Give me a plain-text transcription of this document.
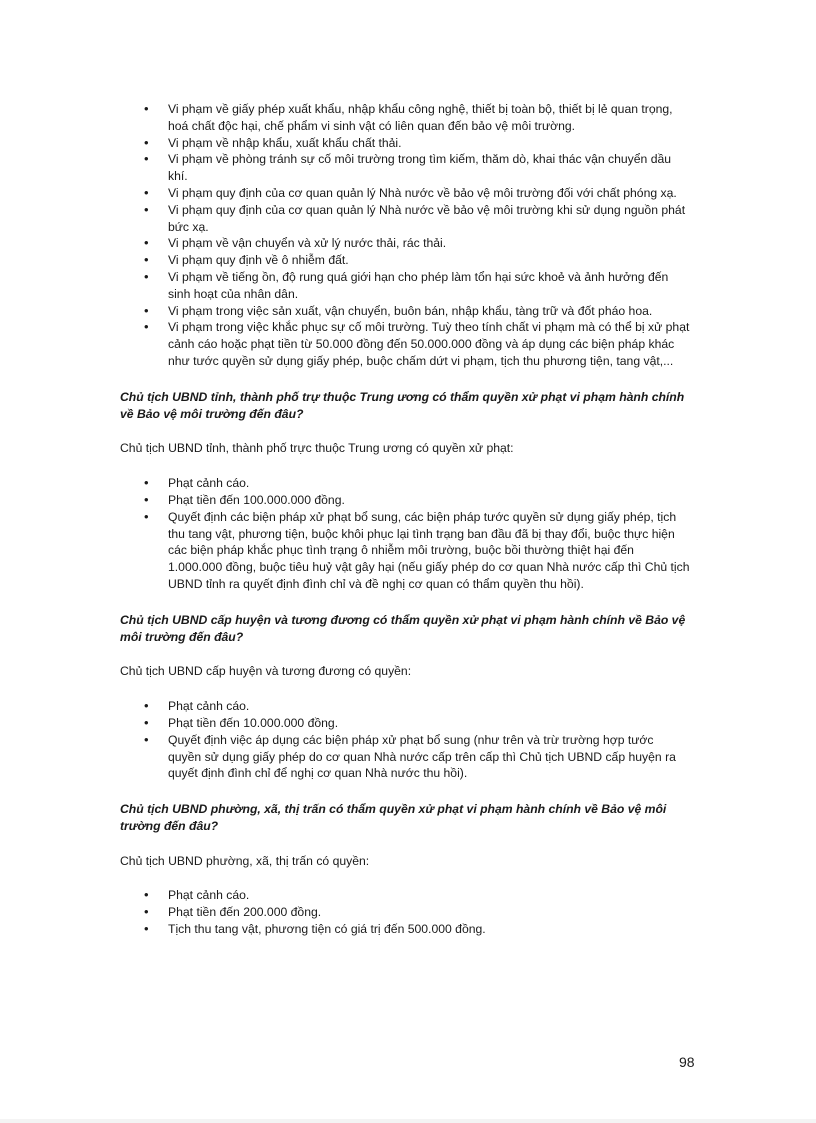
• Vi phạm về giấy phép xuất khẩu, nhập khẩu công nghệ, thiết bị toàn bộ, thiết bị lẻ quan trọng, hoá chất độc hại, chế phẩm vi sinh vật có liên quan đến bảo vệ môi trường.
• Vi phạm về nhập khẩu, xuất khẩu chất thải.
• Vi phạm về phòng tránh sự cố môi trường trong tìm kiếm, thăm dò, khai thác vận chuyển dầu khí.
• Vi phạm quy định của cơ quan quản lý Nhà nước về bảo vệ môi trường đối với chất phóng xạ.
• Vi phạm quy định của cơ quan quản lý Nhà nước về bảo vệ môi trường khi sử dụng nguồn phát bức xạ.
• Vi phạm về vận chuyển và xử lý nước thải, rác thải.
• Vi phạm quy định về ô nhiễm đất.
• Vi phạm về tiếng ồn, độ rung quá giới hạn cho phép làm tổn hại sức khoẻ và ảnh hưởng đến sinh hoạt của nhân dân.
• Vi phạm trong việc sản xuất, vận chuyển, buôn bán, nhập khẩu, tàng trữ và đốt pháo hoa.
• Vi phạm trong việc khắc phục sự cố môi trường. Tuỳ theo tính chất vi phạm mà có thể bị xử phạt cảnh cáo hoặc phạt tiền từ 50.000 đồng đến 50.000.000 đồng và áp dụng các biện pháp khác như tước quyền sử dụng giấy phép, buộc chấm dứt vi phạm, tịch thu phương tiện, tang vật,...

Chủ tịch UBND tỉnh, thành phố trự thuộc Trung ương có thẩm quyền xử phạt vi phạm hành chính về Bảo vệ môi trường đến đâu?

Chủ tịch UBND tỉnh, thành phố trực thuộc Trung ương có quyền xử phạt:

• Phạt cảnh cáo.
• Phạt tiền đến 100.000.000 đồng.
• Quyết định các biện pháp xử phạt bổ sung, các biện pháp tước quyền sử dụng giấy phép, tịch thu tang vật, phương tiện, buộc khôi phục lại tình trạng ban đầu đã bị thay đổi, buộc thực hiện các biện pháp khắc phục tình trạng ô nhiễm môi trường, buộc bồi thường thiệt hại đến 1.000.000 đồng, buộc tiêu huỷ vật gây hại (nếu giấy phép do cơ quan Nhà nước cấp thì Chủ tịch UBND tỉnh ra quyết định đình chỉ và đề nghị cơ quan có thẩm quyền thu hồi).

Chủ tịch UBND cấp huyện và tương đương có thẩm quyền xử phạt vi phạm hành chính về Bảo vệ môi trường đến đâu?

Chủ tịch UBND cấp huyện và tương đương có quyền:

• Phạt cảnh cáo.
• Phạt tiền đến 10.000.000 đồng.
• Quyết định việc áp dụng các biện pháp xử phạt bổ sung (như trên và trừ trường hợp tước quyền sử dụng giấy phép do cơ quan Nhà nước cấp trên cấp thì Chủ tịch UBND cấp huyện ra quyết định đình chỉ để nghị cơ quan Nhà nước thu hồi).

Chủ tịch UBND phường, xã, thị trấn có thẩm quyền xử phạt vi phạm hành chính về Bảo vệ môi trường đến đâu?

Chủ tịch UBND phường, xã, thị trấn có quyền:

• Phạt cảnh cáo.
• Phạt tiền đến 200.000 đồng.
• Tịch thu tang vật, phương tiện có giá trị đến 500.000 đồng.
98
